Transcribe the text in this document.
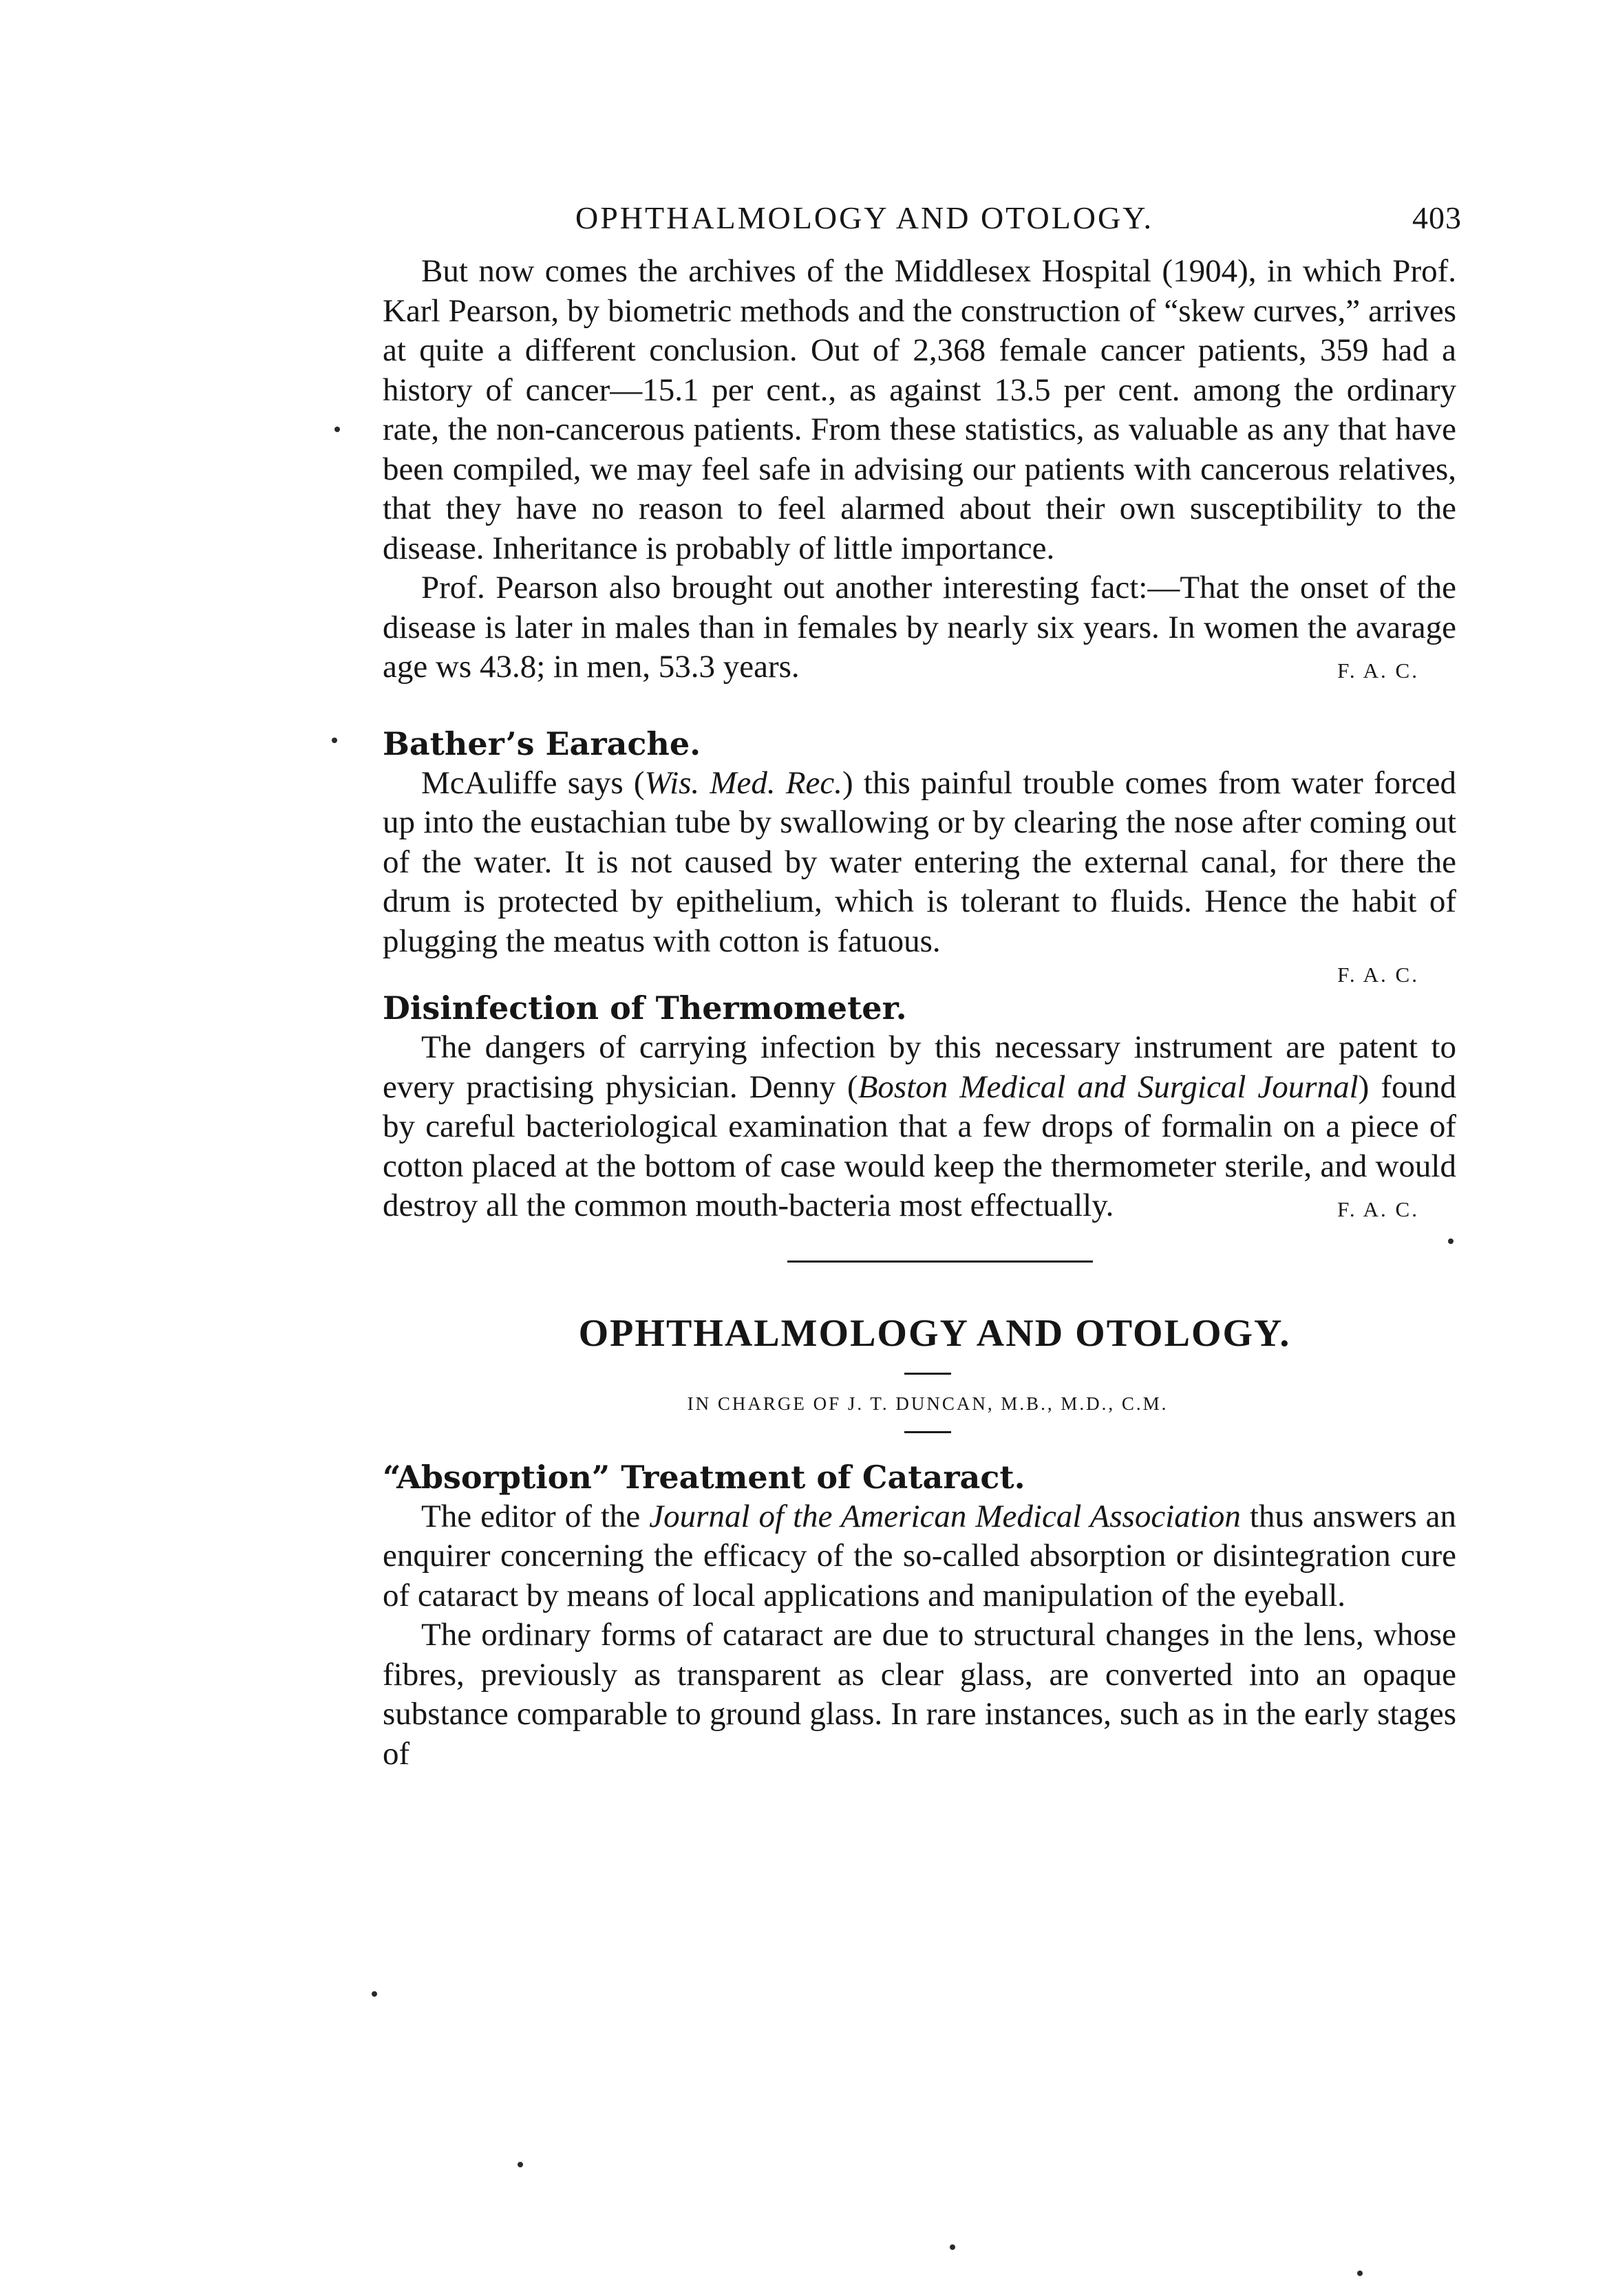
OPHTHALMOLOGY AND OTOLOGY.	403

But now comes the archives of the Middlesex Hospital (1904), in which Prof. Karl Pearson, by biometric methods and the construction of “skew curves,” arrives at quite a different conclusion. Out of 2,368 female cancer patients, 359 had a history of cancer—15.1 per cent., as against 13.5 per cent. among the ordinary rate, the non-cancerous patients. From these statistics, as valuable as any that have been compiled, we may feel safe in advising our patients with cancerous relatives, that they have no reason to feel alarmed about their own susceptibility to the disease. Inheritance is probably of little importance.

Prof. Pearson also brought out another interesting fact:—That the onset of the disease is later in males than in females by nearly six years. In women the avarage age ws 43.8; in men, 53.3 years.	F. A. C.

Bather’s Earache.

McAuliffe says (Wis. Med. Rec.) this painful trouble comes from water forced up into the eustachian tube by swallowing or by clearing the nose after coming out of the water. It is not caused by water entering the external canal, for there the drum is protected by epithelium, which is tolerant to fluids. Hence the habit of plugging the meatus with cotton is fatuous.

F. A. C.
Disinfection of Thermometer.

The dangers of carrying infection by this necessary instrument are patent to every practising physician. Denny (Boston Medical and Surgical Journal) found by careful bacteriological examination that a few drops of formalin on a piece of cotton placed at the bottom of case would keep the thermometer sterile, and would destroy all the common mouth-bacteria most effectually.	F. A. C.

OPHTHALMOLOGY AND OTOLOGY.

IN CHARGE OF J. T. DUNCAN, M.B., M.D., C.M.

“Absorption” Treatment of Cataract.

The editor of the Journal of the American Medical Association thus answers an enquirer concerning the efficacy of the so-called absorption or disintegration cure of cataract by means of local applications and manipulation of the eyeball.

The ordinary forms of cataract are due to structural changes in the lens, whose fibres, previously as transparent as clear glass, are converted into an opaque substance comparable to ground glass. In rare instances, such as in the early stages of
